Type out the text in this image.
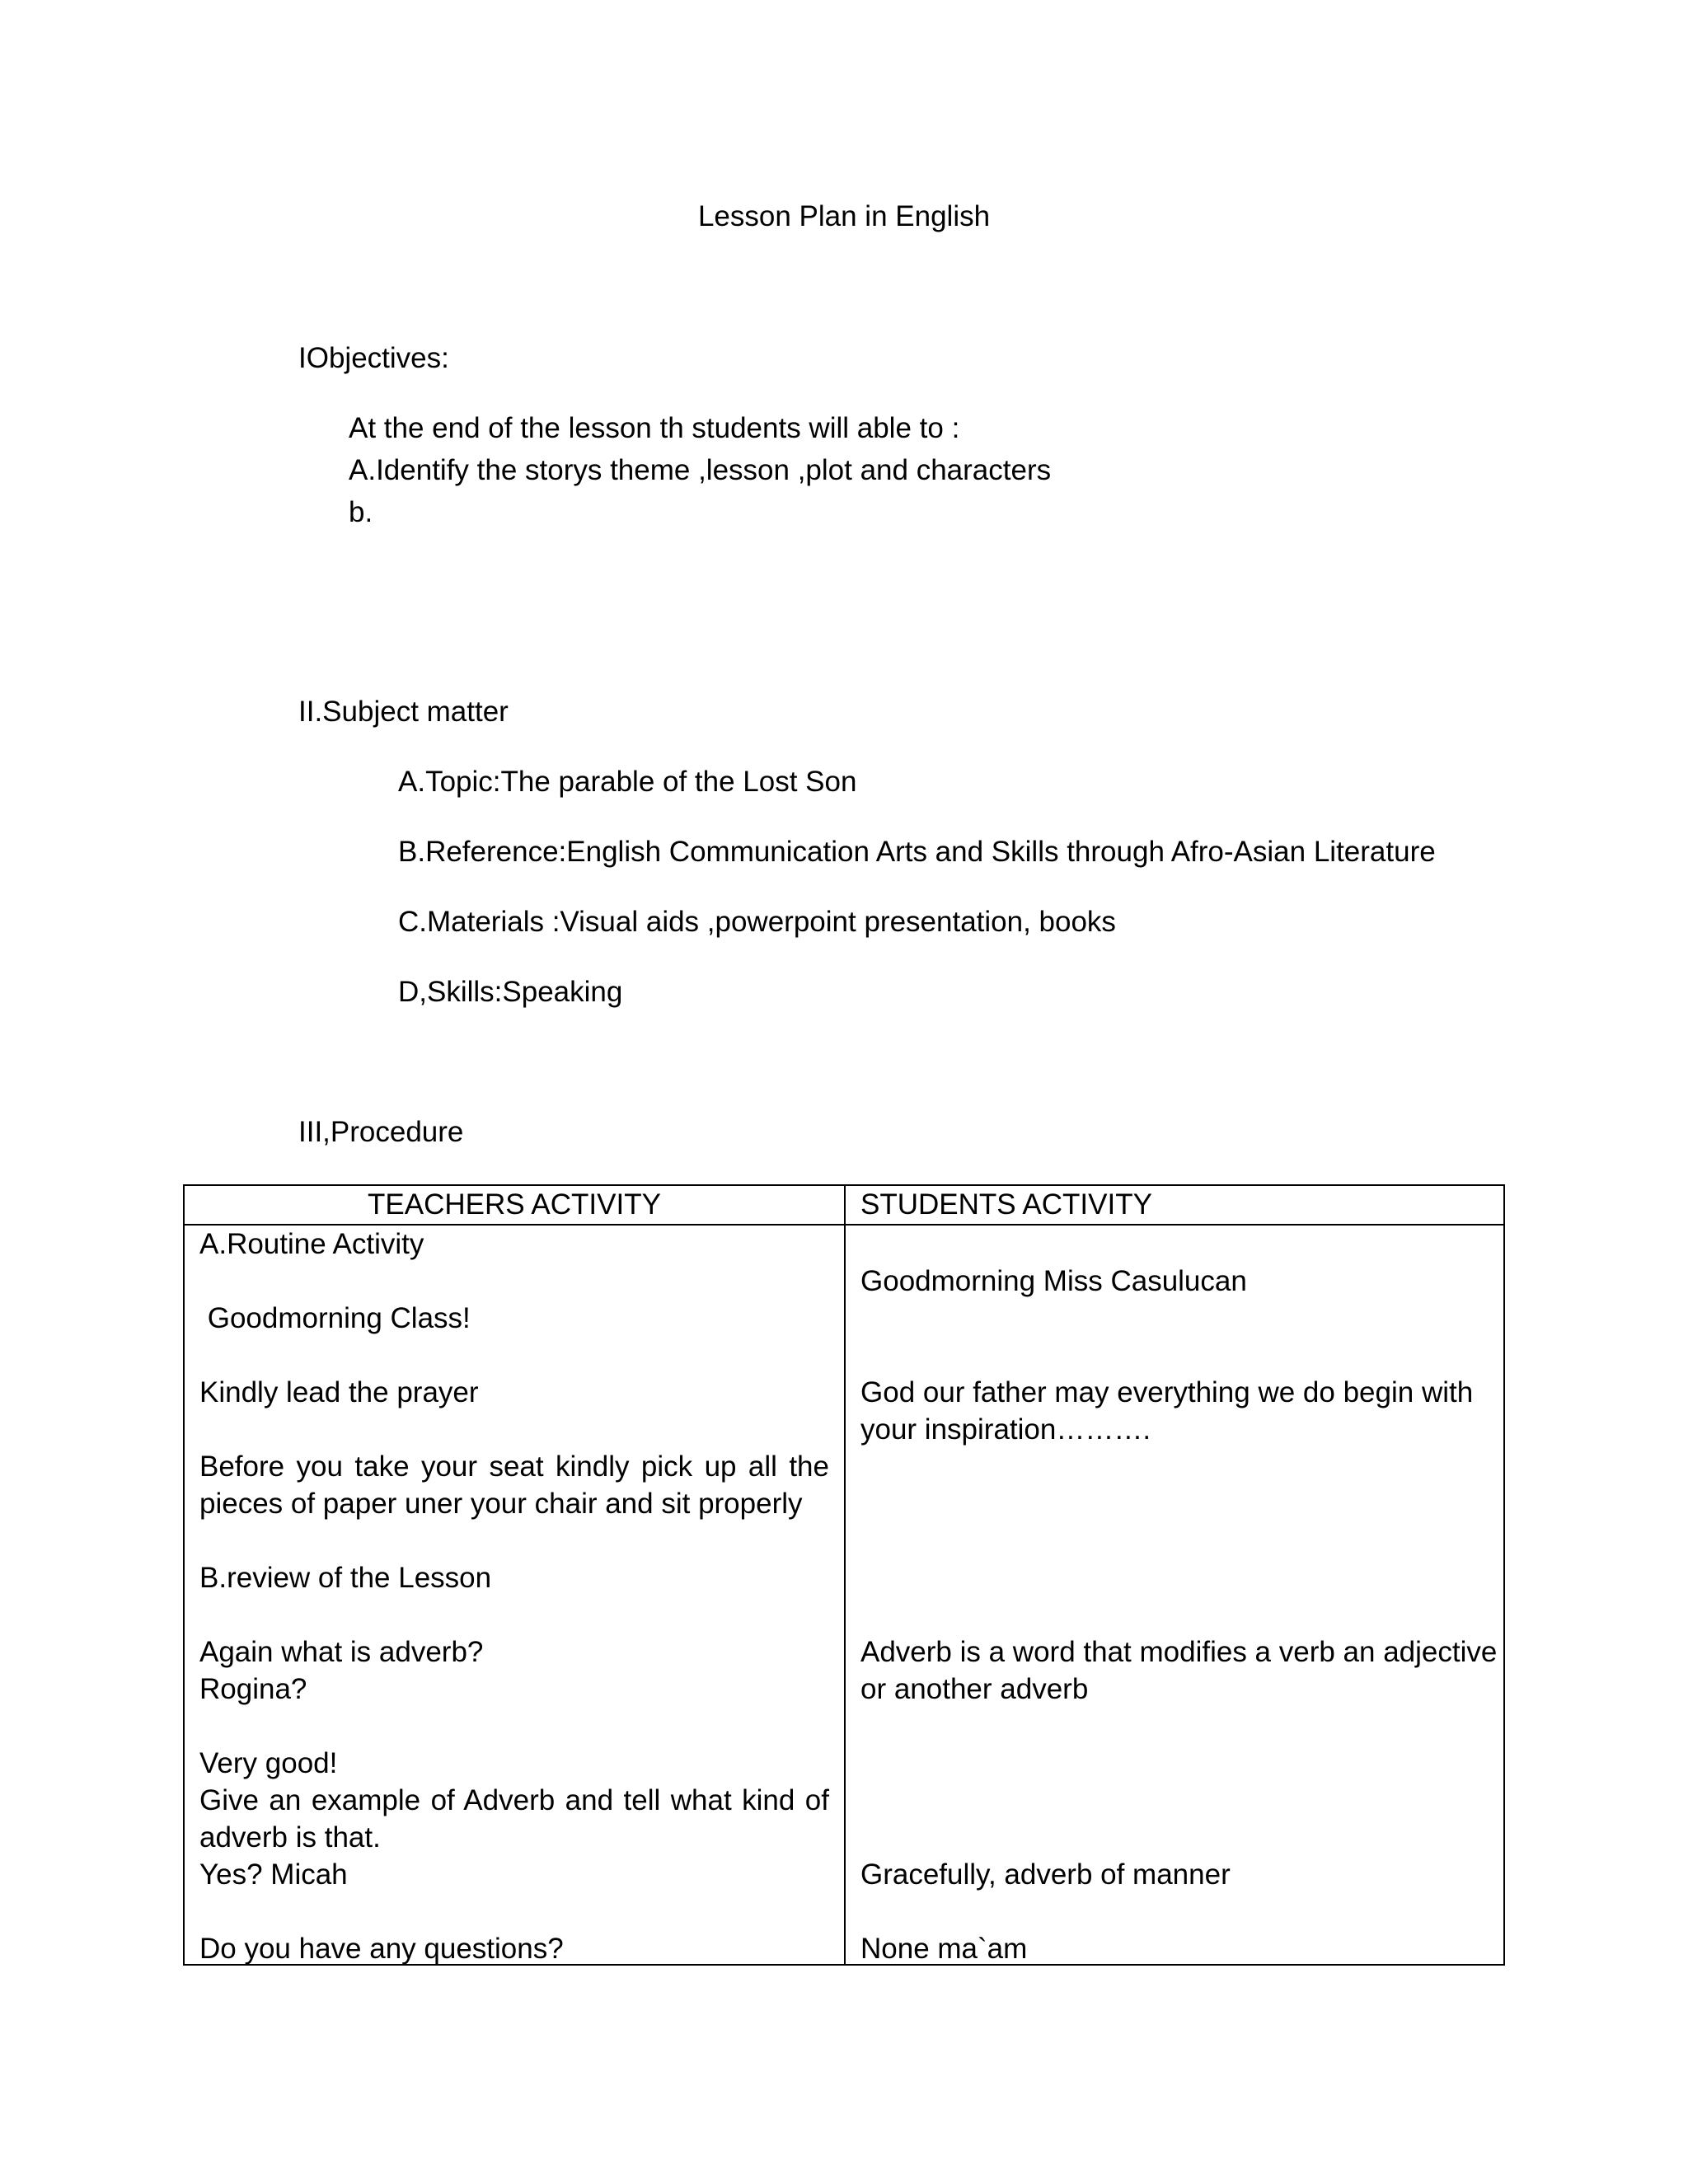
Lesson Plan in English
IObjectives:
At the end of the lesson th students will able to :
A.Identify the storys theme ,lesson ,plot and characters
b.
II.Subject matter
A.Topic:The parable of the Lost Son
B.Reference:English Communication Arts and Skills through Afro-Asian Literature
C.Materials :Visual aids ,powerpoint presentation, books
D,Skills:Speaking
III,Procedure
TEACHERS ACTIVITY	STUDENTS ACTIVITY
A.Routine Activity
Goodmorning Class!
Kindly lead the prayer
Before you take your seat kindly pick up all the
pieces of paper uner your chair and sit properly
B.review of the Lesson
Again what is adverb?
Rogina?
Very good!
Give an example of Adverb and tell what kind of
adverb is that.
Yes? Micah
Do you have any questions?
Goodmorning Miss Casulucan
God our father may everything we do begin with
your inspiration……….
Adverb is a word that modifies a verb an adjective
or another adverb
Gracefully, adverb of manner
None ma`am
